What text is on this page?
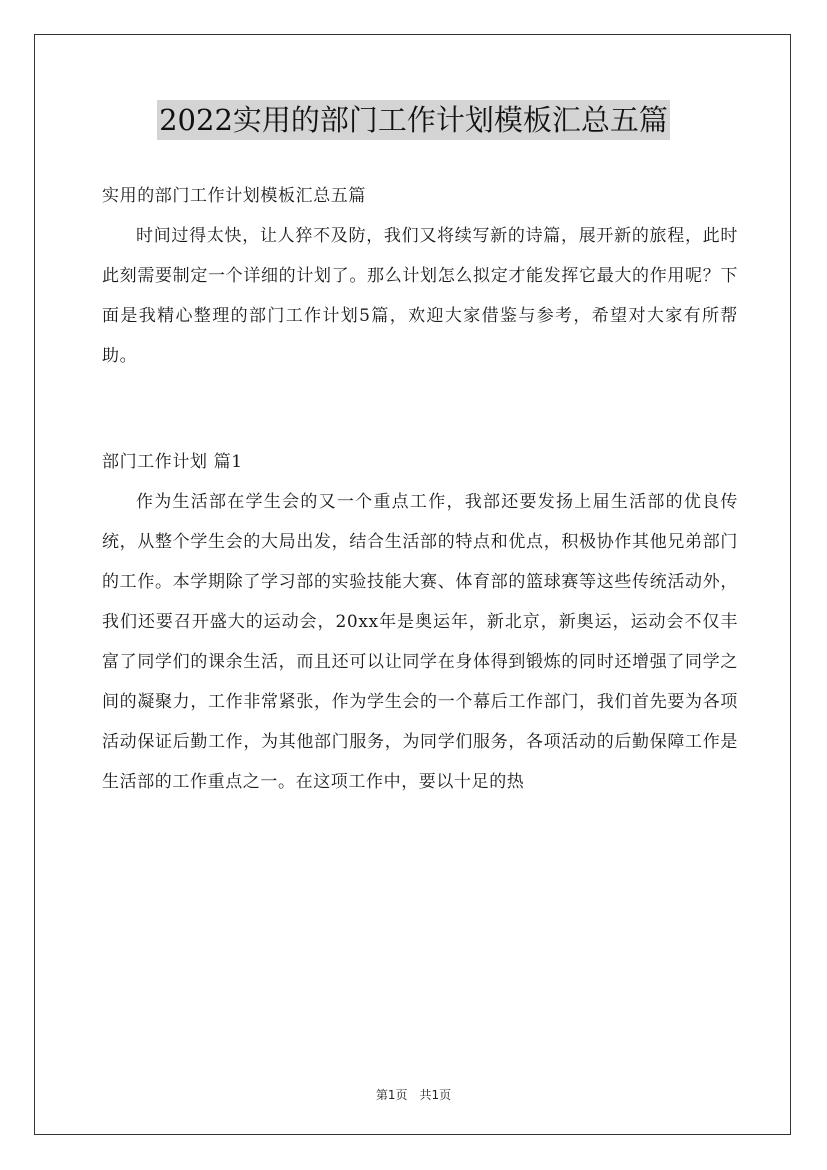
2022实用的部门工作计划模板汇总五篇

实用的部门工作计划模板汇总五篇

时间过得太快，让人猝不及防，我们又将续写新的诗篇，展开新的旅程，此时此刻需要制定一个详细的计划了。那么计划怎么拟定才能发挥它最大的作用呢？下面是我精心整理的部门工作计划5篇，欢迎大家借鉴与参考，希望对大家有所帮助。

部门工作计划 篇1

作为生活部在学生会的又一个重点工作，我部还要发扬上届生活部的优良传统，从整个学生会的大局出发，结合生活部的特点和优点，积极协作其他兄弟部门的工作。本学期除了学习部的实验技能大赛、体育部的篮球赛等这些传统活动外，我们还要召开盛大的运动会，20xx年是奥运年，新北京，新奥运，运动会不仅丰富了同学们的课余生活，而且还可以让同学在身体得到锻炼的同时还增强了同学之间的凝聚力，工作非常紧张，作为学生会的一个幕后工作部门，我们首先要为各项活动保证后勤工作，为其他部门服务，为同学们服务，各项活动的后勤保障工作是生活部的工作重点之一。在这项工作中，要以十足的热

第1页　共1页
